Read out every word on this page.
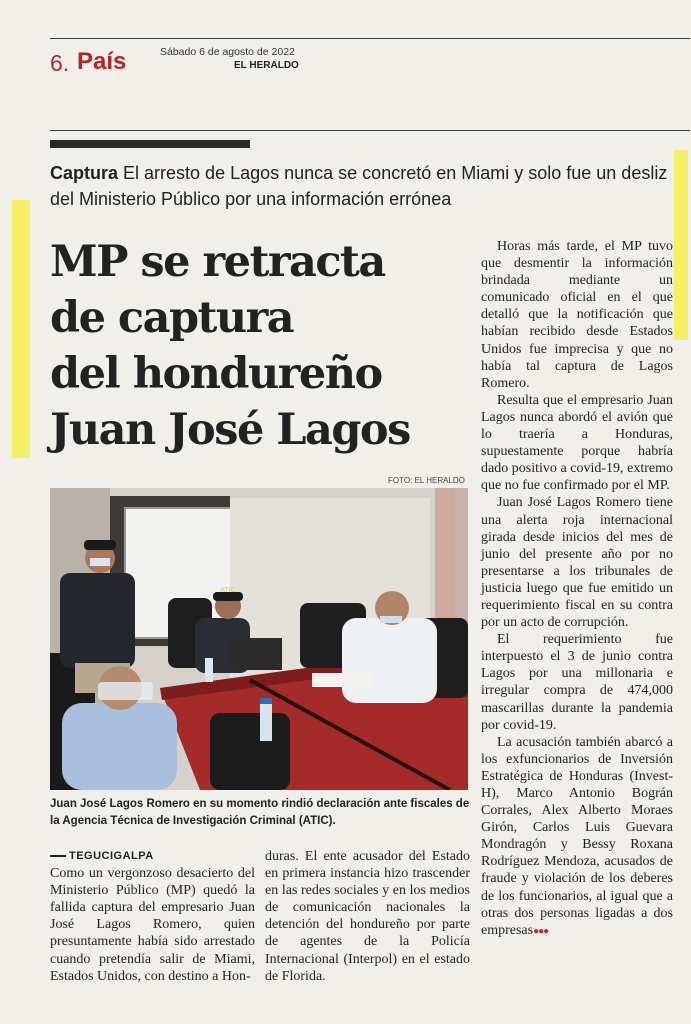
6. País	Sábado 6 de agosto de 2022
EL HERALDO
Captura El arresto de Lagos nunca se concretó en Miami y solo fue un desliz del Ministerio Público por una información errónea
MP se retracta
de captura
del hondureño
Juan José Lagos
FOTO: EL HERALDO
ATIC
Juan José Lagos Romero en su momento rindió declaración ante fiscales de la Agencia Técnica de Investigación Criminal (ATIC).
TEGUCIGALPA

Como un vergonzoso desacierto del Ministerio Público (MP) quedó la fallida captura del empresario Juan José Lagos Romero, quien presuntamente había sido arrestado cuando pretendía salir de Miami, Estados Unidos, con destino a Hon-

duras. El ente acusador del Estado en primera instancia hizo trascender en las redes sociales y en los medios de comunicación nacionales la detención del hondureño por parte de agentes de la Policía Internacional (Interpol) en el estado de Florida.

Horas más tarde, el MP tuvo que desmentir la información brindada mediante un comunicado oficial en el que detalló que la notificación que habían recibido desde Estados Unidos fue imprecisa y que no había tal captura de Lagos Romero.

Resulta que el empresario Juan Lagos nunca abordó el avión que lo traería a Honduras, supuestamente porque habría dado positivo a covid-19, extremo que no fue confirmado por el MP.

Juan José Lagos Romero tiene una alerta roja internacional girada desde inicios del mes de junio del presente año por no presentarse a los tribunales de justicia luego que fue emitido un requerimiento fiscal en su contra por un acto de corrupción.

El requerimiento fue interpuesto el 3 de junio contra Lagos por una millonaria e irregular compra de 474,000 mascarillas durante la pandemia por covid-19.

La acusación también abarcó a los exfuncionarios de Inversión Estratégica de Honduras (Invest-H), Marco Antonio Bográn Corrales, Alex Alberto Moraes Girón, Carlos Luis Guevara Mondragón y Bessy Roxana Rodríguez Mendoza, acusados de fraude y violación de los deberes de los funcionarios, al igual que a otras dos personas ligadas a dos empresas●●●
